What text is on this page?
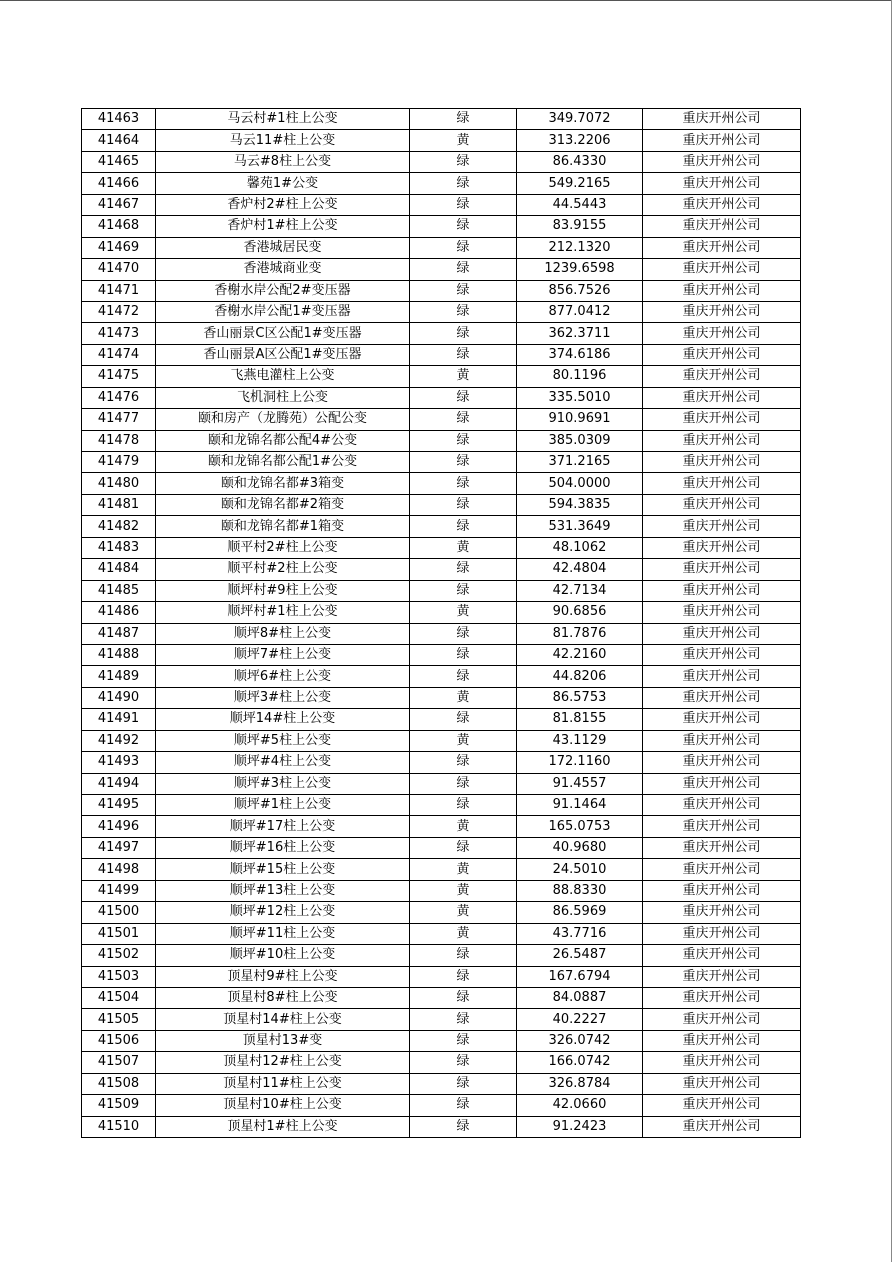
41463	马云村#1柱上公变	绿	349.7072	重庆开州公司
41464	马云11#柱上公变	黄	313.2206	重庆开州公司
41465	马云#8柱上公变	绿	86.4330	重庆开州公司
41466	馨苑1#公变	绿	549.2165	重庆开州公司
41467	香炉村2#柱上公变	绿	44.5443	重庆开州公司
41468	香炉村1#柱上公变	绿	83.9155	重庆开州公司
41469	香港城居民变	绿	212.1320	重庆开州公司
41470	香港城商业变	绿	1239.6598	重庆开州公司
41471	香榭水岸公配2#变压器	绿	856.7526	重庆开州公司
41472	香榭水岸公配1#变压器	绿	877.0412	重庆开州公司
41473	香山丽景C区公配1#变压器	绿	362.3711	重庆开州公司
41474	香山丽景A区公配1#变压器	绿	374.6186	重庆开州公司
41475	飞燕电灌柱上公变	黄	80.1196	重庆开州公司
41476	飞机洞柱上公变	绿	335.5010	重庆开州公司
41477	颐和房产（龙腾苑）公配公变	绿	910.9691	重庆开州公司
41478	颐和龙锦名都公配4#公变	绿	385.0309	重庆开州公司
41479	颐和龙锦名都公配1#公变	绿	371.2165	重庆开州公司
41480	颐和龙锦名都#3箱变	绿	504.0000	重庆开州公司
41481	颐和龙锦名都#2箱变	绿	594.3835	重庆开州公司
41482	颐和龙锦名都#1箱变	绿	531.3649	重庆开州公司
41483	顺平村2#柱上公变	黄	48.1062	重庆开州公司
41484	顺平村#2柱上公变	绿	42.4804	重庆开州公司
41485	顺坪村#9柱上公变	绿	42.7134	重庆开州公司
41486	顺坪村#1柱上公变	黄	90.6856	重庆开州公司
41487	顺坪8#柱上公变	绿	81.7876	重庆开州公司
41488	顺坪7#柱上公变	绿	42.2160	重庆开州公司
41489	顺坪6#柱上公变	绿	44.8206	重庆开州公司
41490	顺坪3#柱上公变	黄	86.5753	重庆开州公司
41491	顺坪14#柱上公变	绿	81.8155	重庆开州公司
41492	顺坪#5柱上公变	黄	43.1129	重庆开州公司
41493	顺坪#4柱上公变	绿	172.1160	重庆开州公司
41494	顺坪#3柱上公变	绿	91.4557	重庆开州公司
41495	顺坪#1柱上公变	绿	91.1464	重庆开州公司
41496	顺坪#17柱上公变	黄	165.0753	重庆开州公司
41497	顺坪#16柱上公变	绿	40.9680	重庆开州公司
41498	顺坪#15柱上公变	黄	24.5010	重庆开州公司
41499	顺坪#13柱上公变	黄	88.8330	重庆开州公司
41500	顺坪#12柱上公变	黄	86.5969	重庆开州公司
41501	顺坪#11柱上公变	黄	43.7716	重庆开州公司
41502	顺坪#10柱上公变	绿	26.5487	重庆开州公司
41503	顶星村9#柱上公变	绿	167.6794	重庆开州公司
41504	顶星村8#柱上公变	绿	84.0887	重庆开州公司
41505	顶星村14#柱上公变	绿	40.2227	重庆开州公司
41506	顶星村13#变	绿	326.0742	重庆开州公司
41507	顶星村12#柱上公变	绿	166.0742	重庆开州公司
41508	顶星村11#柱上公变	绿	326.8784	重庆开州公司
41509	顶星村10#柱上公变	绿	42.0660	重庆开州公司
41510	顶星村1#柱上公变	绿	91.2423	重庆开州公司
